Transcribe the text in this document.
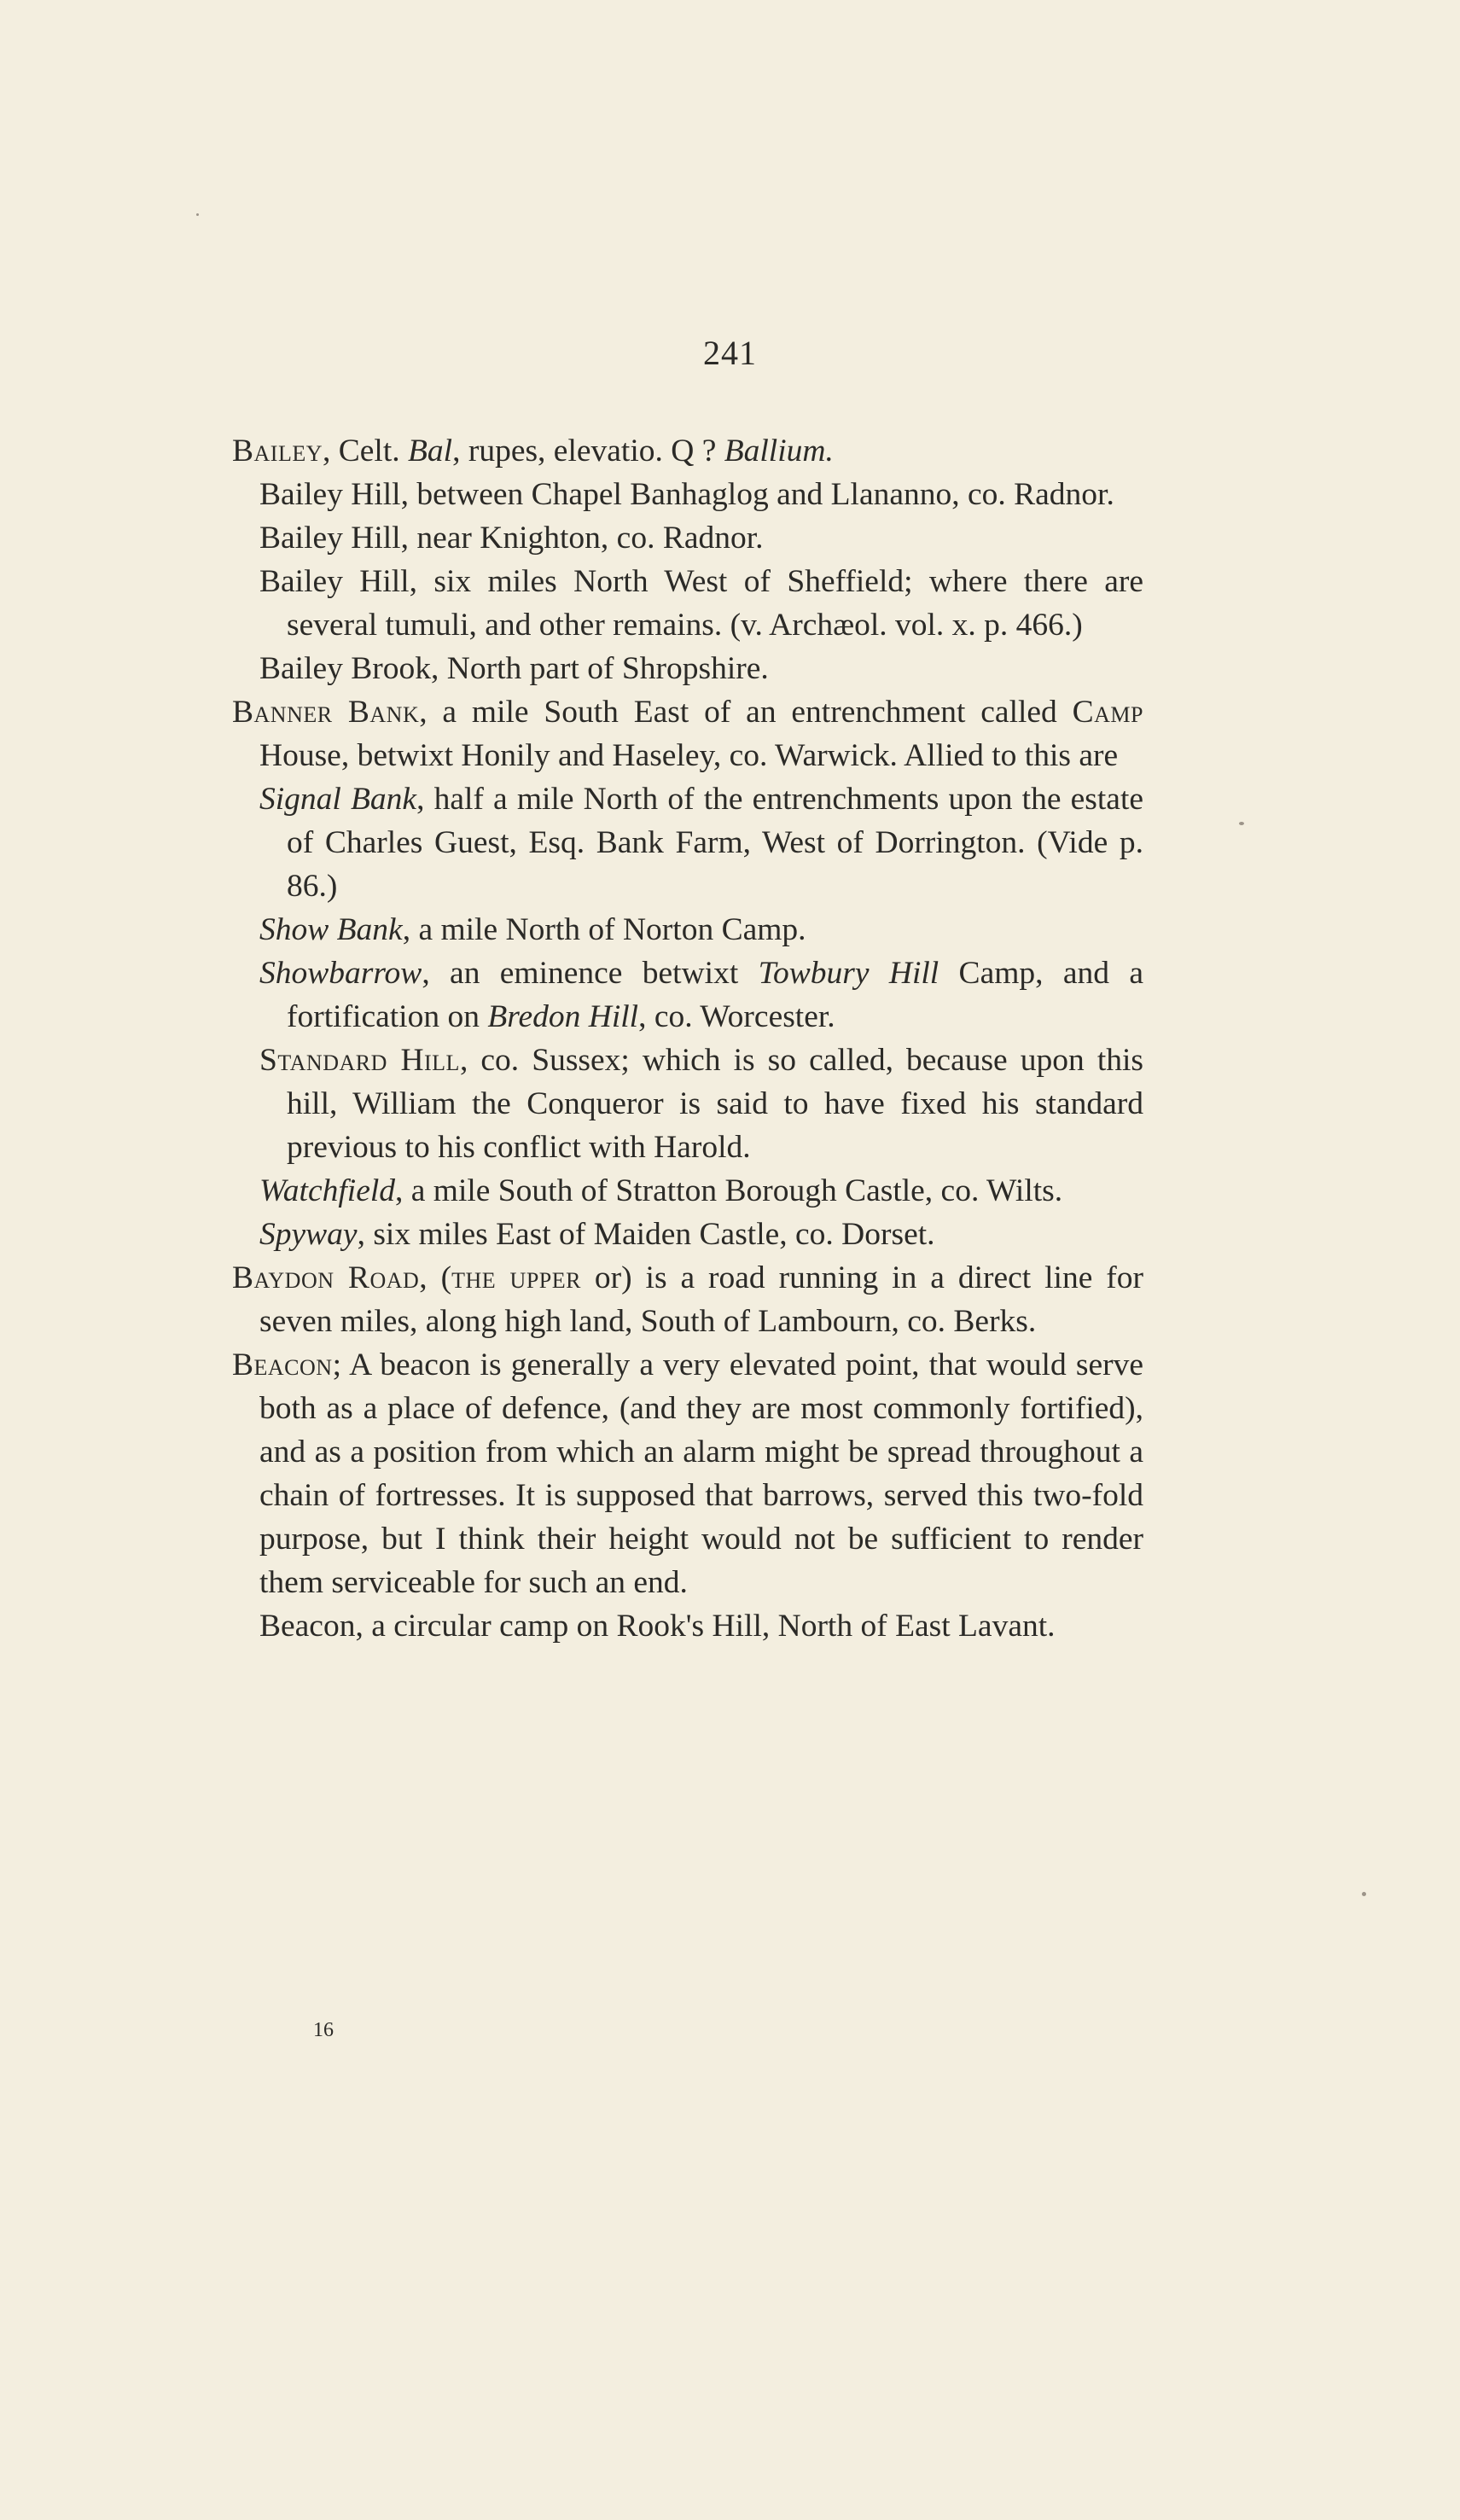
241

Bailey, Celt. Bal, rupes, elevatio. Q ? Ballium.

Bailey Hill, between Chapel Banhaglog and Llananno, co. Radnor.

Bailey Hill, near Knighton, co. Radnor.

Bailey Hill, six miles North West of Sheffield; where there are several tumuli, and other remains. (v. Archæol. vol. x. p. 466.)

Bailey Brook, North part of Shropshire.

Banner Bank, a mile South East of an entrenchment called Camp House, betwixt Honily and Haseley, co. Warwick. Allied to this are

Signal Bank, half a mile North of the entrenchments upon the estate of Charles Guest, Esq. Bank Farm, West of Dorrington. (Vide p. 86.)

Show Bank, a mile North of Norton Camp.

Showbarrow, an eminence betwixt Towbury Hill Camp, and a fortification on Bredon Hill, co. Worcester.

Standard Hill, co. Sussex; which is so called, because upon this hill, William the Conqueror is said to have fixed his standard previous to his conflict with Harold.

Watchfield, a mile South of Stratton Borough Castle, co. Wilts.

Spyway, six miles East of Maiden Castle, co. Dorset.

Baydon Road, (the upper or) is a road running in a direct line for seven miles, along high land, South of Lambourn, co. Berks.

Beacon; A beacon is generally a very elevated point, that would serve both as a place of defence, (and they are most commonly fortified), and as a position from which an alarm might be spread throughout a chain of fortresses. It is supposed that barrows, served this two-fold purpose, but I think their height would not be sufficient to render them serviceable for such an end.

Beacon, a circular camp on Rook's Hill, North of East Lavant.

16
